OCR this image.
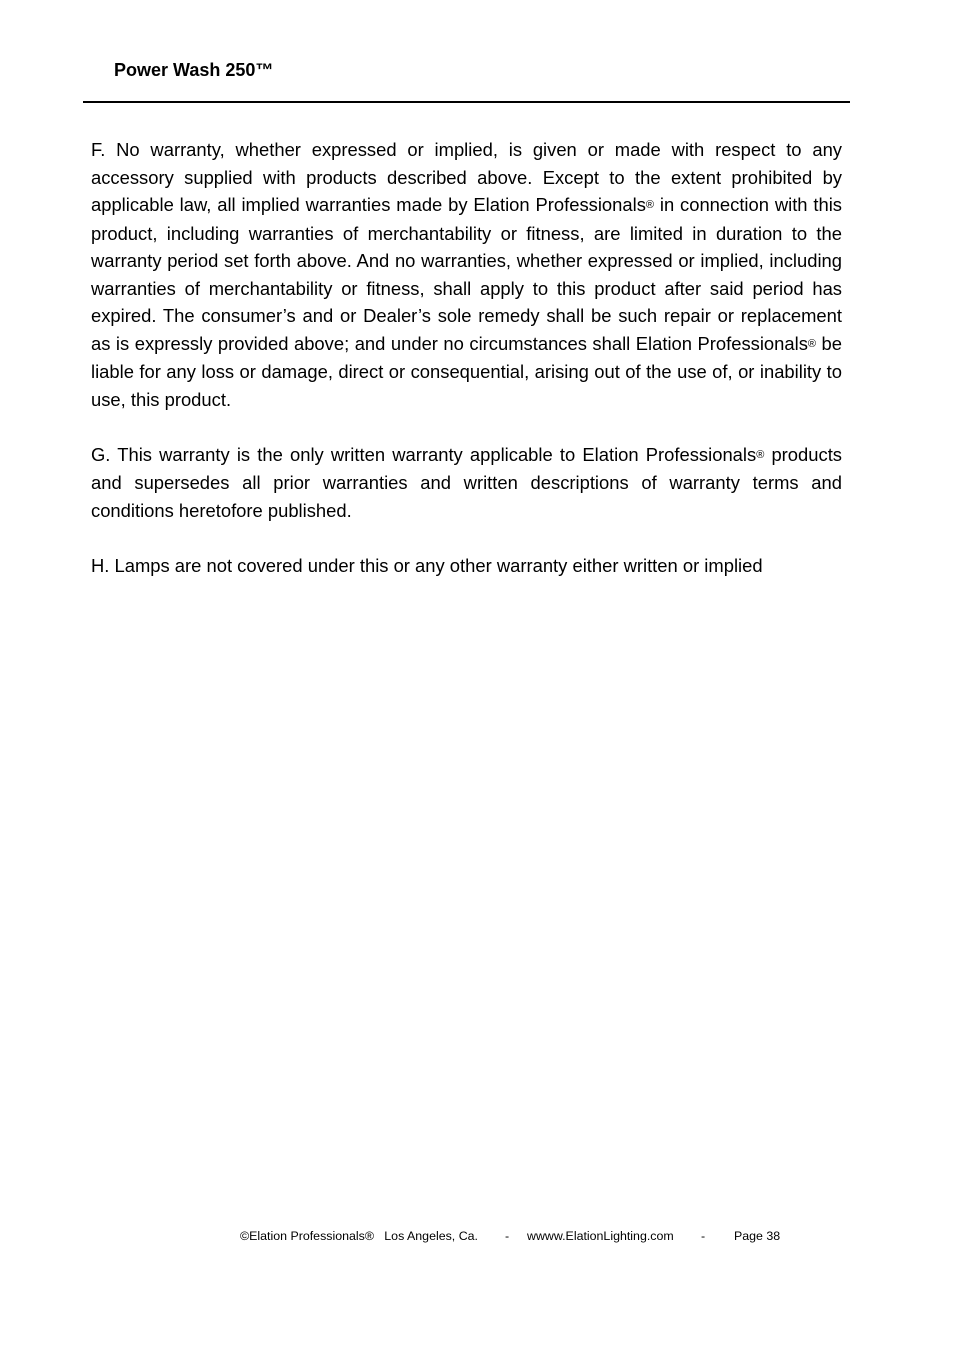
Power Wash 250™

F. No warranty, whether expressed or implied, is given or made with respect to any accessory supplied with products described above. Except to the extent prohibited by applicable law, all implied warranties made by Elation Professionals® in connection with this product, including warranties of merchantability or fitness, are limited in duration to the warranty period set forth above. And no warranties, whether expressed or implied, including warranties of merchantability or fitness, shall apply to this product after said period has expired. The consumer’s and or Dealer’s sole remedy shall be such repair or replacement as is expressly provided above; and under no circumstances shall Elation Professionals® be liable for any loss or damage, direct or consequential, arising out of the use of, or inability to use, this product.

G. This warranty is the only written warranty applicable to Elation Professionals® products and supersedes all prior warranties and written descriptions of warranty terms and conditions heretofore published.

H. Lamps are not covered under this or any other warranty either written or implied

©Elation Professionals®   Los Angeles, Ca.

-

wwww.ElationLighting.com

-

Page 38
